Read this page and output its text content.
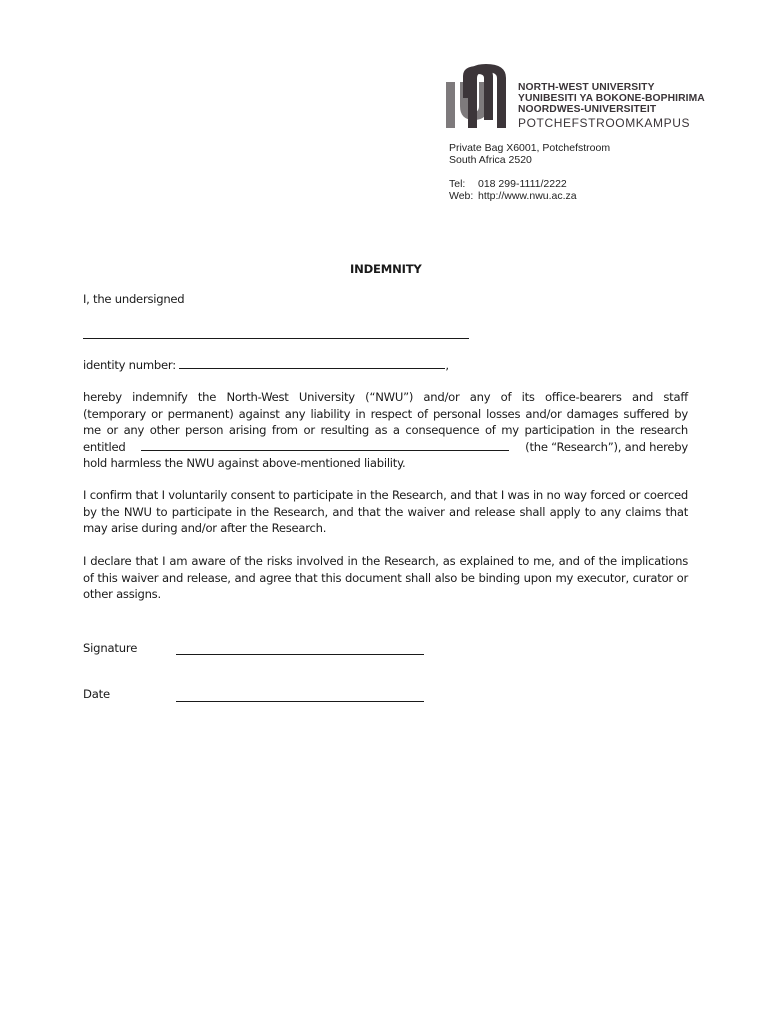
NORTH-WEST UNIVERSITY
YUNIBESITI YA BOKONE-BOPHIRIMA
NOORDWES-UNIVERSITEIT
POTCHEFSTROOMKAMPUS
Private Bag X6001, Potchefstroom
South Africa 2520
Tel: 018 299-1111/2222
Web: http://www.nwu.ac.za
INDEMNITY
I, the undersigned
identity number:	,
hereby indemnify the North-West University (“NWU”) and/or any of its office-bearers and staff
(temporary or permanent) against any liability in respect of personal losses and/or damages suffered by
me or any other person arising from or resulting as a consequence of my participation in the research
entitled	(the “Research”), and hereby
hold harmless the NWU against above-mentioned liability.
I confirm that I voluntarily consent to participate in the Research, and that I was in no way forced or coerced by the NWU to participate in the Research, and that the waiver and release shall apply to any claims that may arise during and/or after the Research.
I declare that I am aware of the risks involved in the Research, as explained to me, and of the implications of this waiver and release, and agree that this document shall also be binding upon my executor, curator or other assigns.
Signature
Date
